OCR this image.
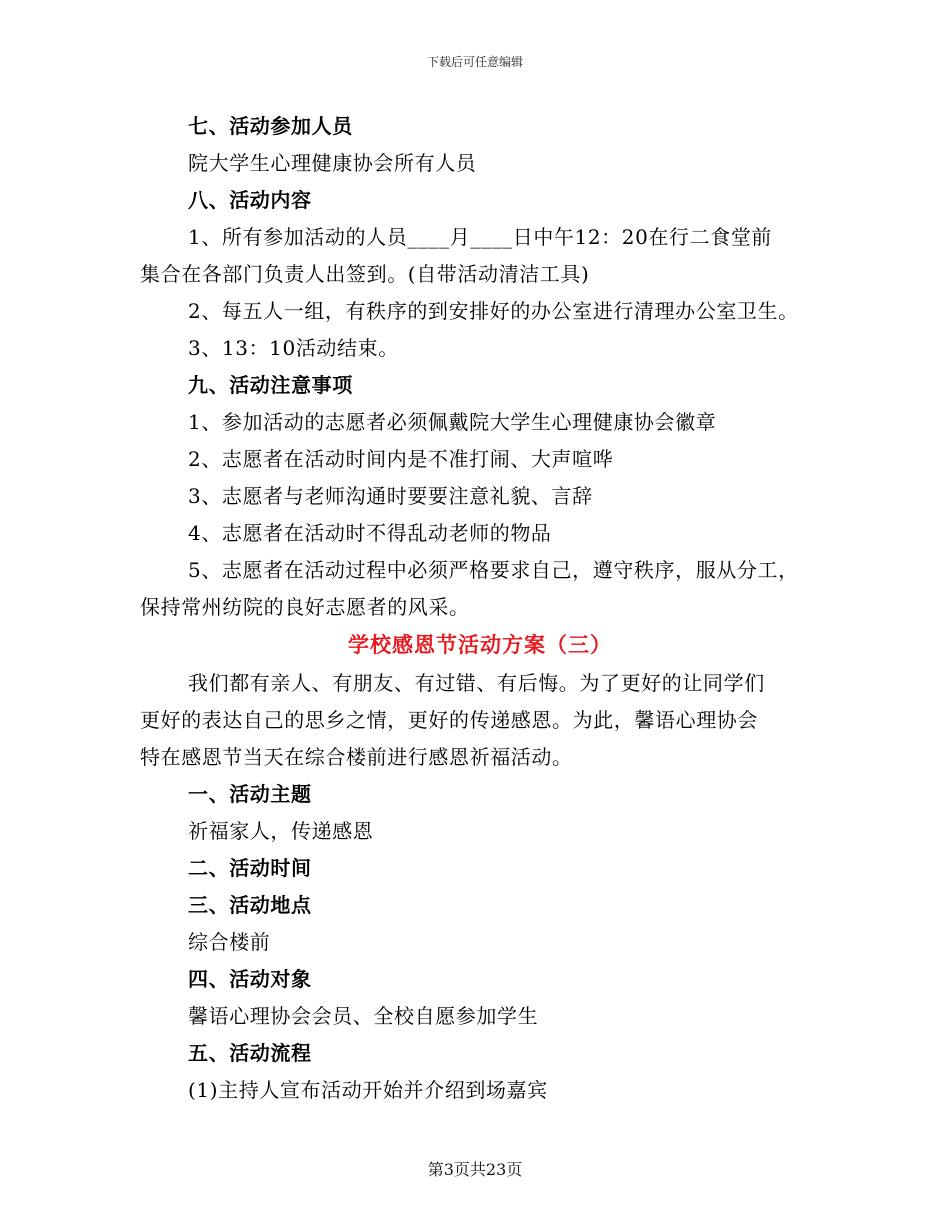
下载后可任意编辑
七、活动参加人员
院大学生心理健康协会所有人员
八、活动内容
1、所有参加活动的人员____月____日中午12：20在行二食堂前
集合在各部门负责人出签到。(自带活动清洁工具)
2、每五人一组，有秩序的到安排好的办公室进行清理办公室卫生。
3、13：10活动结束。
九、活动注意事项
1、参加活动的志愿者必须佩戴院大学生心理健康协会徽章
2、志愿者在活动时间内是不准打闹、大声喧哗
3、志愿者与老师沟通时要要注意礼貌、言辞
4、志愿者在活动时不得乱动老师的物品
5、志愿者在活动过程中必须严格要求自己，遵守秩序，服从分工，
保持常州纺院的良好志愿者的风采。
学校感恩节活动方案（三）
我们都有亲人、有朋友、有过错、有后悔。为了更好的让同学们
更好的表达自己的思乡之情，更好的传递感恩。为此，馨语心理协会
特在感恩节当天在综合楼前进行感恩祈福活动。
一、活动主题
祈福家人，传递感恩
二、活动时间
三、活动地点
综合楼前
四、活动对象
馨语心理协会会员、全校自愿参加学生
五、活动流程
(1)主持人宣布活动开始并介绍到场嘉宾
第3页共23页
